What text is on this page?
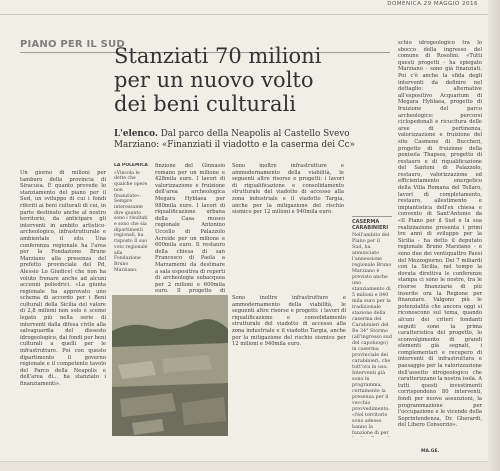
DOMENICA 29 MAGGIO 2016
PIANO PER IL SUD
Stanziati 70 milioni
per un nuovo volto
dei beni culturali
L'elenco. Dal parco della Neapolis al Castello Svevo Marziano: «Finanziati il viadotto e la caserma dei Cc»

Un giorno di milioni per tamburo della provincia di Siracusa. È quanto prevede lo stanziamento del piano per il Sud, un sviluppo di cui i fondi riferiti ai beni culturali di cui, in parte destinato anche al nostro territorio, da anticipare gli interventi in ambito artistico-archeologico, infrastrutturale e ambientale il sito. Una conferenza regionale ha l'area per la Fondazione Brune Marziano alla presenza del prefetto provinciale del Pd, Alessio Lo Giudice) che non ha voluto frenare anche ad alcuni accenni poliedrici. «La giunta regionale ha approvato uno schema di accordo per i Beni culturali della Sicilia del valore di 2,8 milioni non solo è scemo legato più nella serie di interventi dalla difesa civile alla salvaguardia del dissesto idrogeologico, dai fondi per beni culturali a quelli per le infrastrutture. Poi con questo dipartimento il governo regionale e il competente tavolo del Parco della Neapolis e dell'area di... ha stanziato i finanziamenti».

LA POLEMICA
«Vincola le dette che qualche opere non finanziate». Sempre interessante dire quanto sono i risultati e sono che sia dipartimenti regionali, ha risposto Il suo voto regionale alla Fondazione Bruno Marziano.

finzione del Ginnasio romano per un milione e 428mila euro. I lavori di valorizzazione e fruizione dell'area archeologica Megara Hyblaea per 980mila euro. I lavori di riqualificazione urbana della Casa museo regionale Antonino Uccello di Palazzolo Acreide per un milione e 600mila euro. Il restauro della chiesa di san Francesco di Paola a Marzamemi da destinare a sala espositiva di reperti di archeologia subacquea per 2 milioni e 600mila euro. Il progetto di

Sono inoltre infrastrutture e ammodernamento della viabilità, le seguenti altre risorse e progetti: i lavori di riqualificazione e consolidamento strutturale del viadotto di accesso alla zona industriale e il viadotto Targia, anche per la mitigazione del rischio sismico per 12 milioni e 940mila euro.

Sono inoltre infrastrutture e ammodernamento della viabilità, le seguenti altre risorse e progetti: i lavori di riqualificazione e consolidamento strutturale del viadotto di accesso alla zona industriale e il viadotto Targia, anche per la mitigazione del rischio sismico per 12 milioni e 940mila euro.

CASERMA CARABINIERI
Nell'ambito del Piano per il Sud, ha annunciato l'annessione regionale Bruno Marziano è previsto anche uno stanziamento di 5 milioni e 840 mila euro per la tradizionale stazione della caserma dei Carabinieri del Re 34° Stormo (all'ingresso sud del capoluogo) in caserma provinciale dei carabinieri, che tutt'ora in uso. Interventi già sono in programma, certamente la presenza per il vecchio provvedimento. «Nel territorio sono adesso hanno la funzione di per

schio idrogeologico tra lo sbocco della ingresso del comune di Rosolini. «Tutti questi progetti - ha spiegato Marziano - sono già finanziati. Poi c'è anche la sfida degli interventi da definire nel dettaglio: alternative all'espositivo Acquarium di Megara Hyblaea, progetto di fruizione del parco archeologico: percorsi ciclopedonali e ricucitura delle aree di pertinenza, valorizzazione e fruizione del sito Casmene di Buccheri, progetto di fruizione della penisola Thapsos, progetto di restauro e di riqualificazione del Santoni di Palazzolo, restauro, valorizzazione ed efficientamento energetico della Villa Romana del Tellaro, lavori di completamento, restauro, allestimento e impiantistica dell'ex chiesa e convento di Sant'Antonio da

«Il Piano per il Sud e la sua realizzazione presenta i primi tre anni di sviluppo per la Sicilia - ha detto il deputato regionale Bruno Marziano - e sono due dei ventiquattro Paesi del Mezzogiorno. Dei 7 miliardi con la Sicilia, nel tempo la dovuta direttiva le conferenze stampa ci sono le nostre, tra le risorse finanziarie di più inserite ora la Regione per finanziare. Valgono più le potenzialità che ancora oggi si riconoscono sul tema, quando alcuni dei criteri fondanti seguiti sono la prima caratteristica del progetto, lo sconvolgimento di grandi elementi già segnati, i complementari e recupero di interventi di infrastruttura e paesaggio per la valorizzazione dell'assetto idrogeologico che caratterizzano la nostra isola. A tutti questi investimenti corrispondono 80 interventi, fondi per nuove assunzioni, la programmazione per l'occupazione e le vicende della Soprintendenza, Dr. Gherardi, del Libero Consorzio».

MA.GE.
